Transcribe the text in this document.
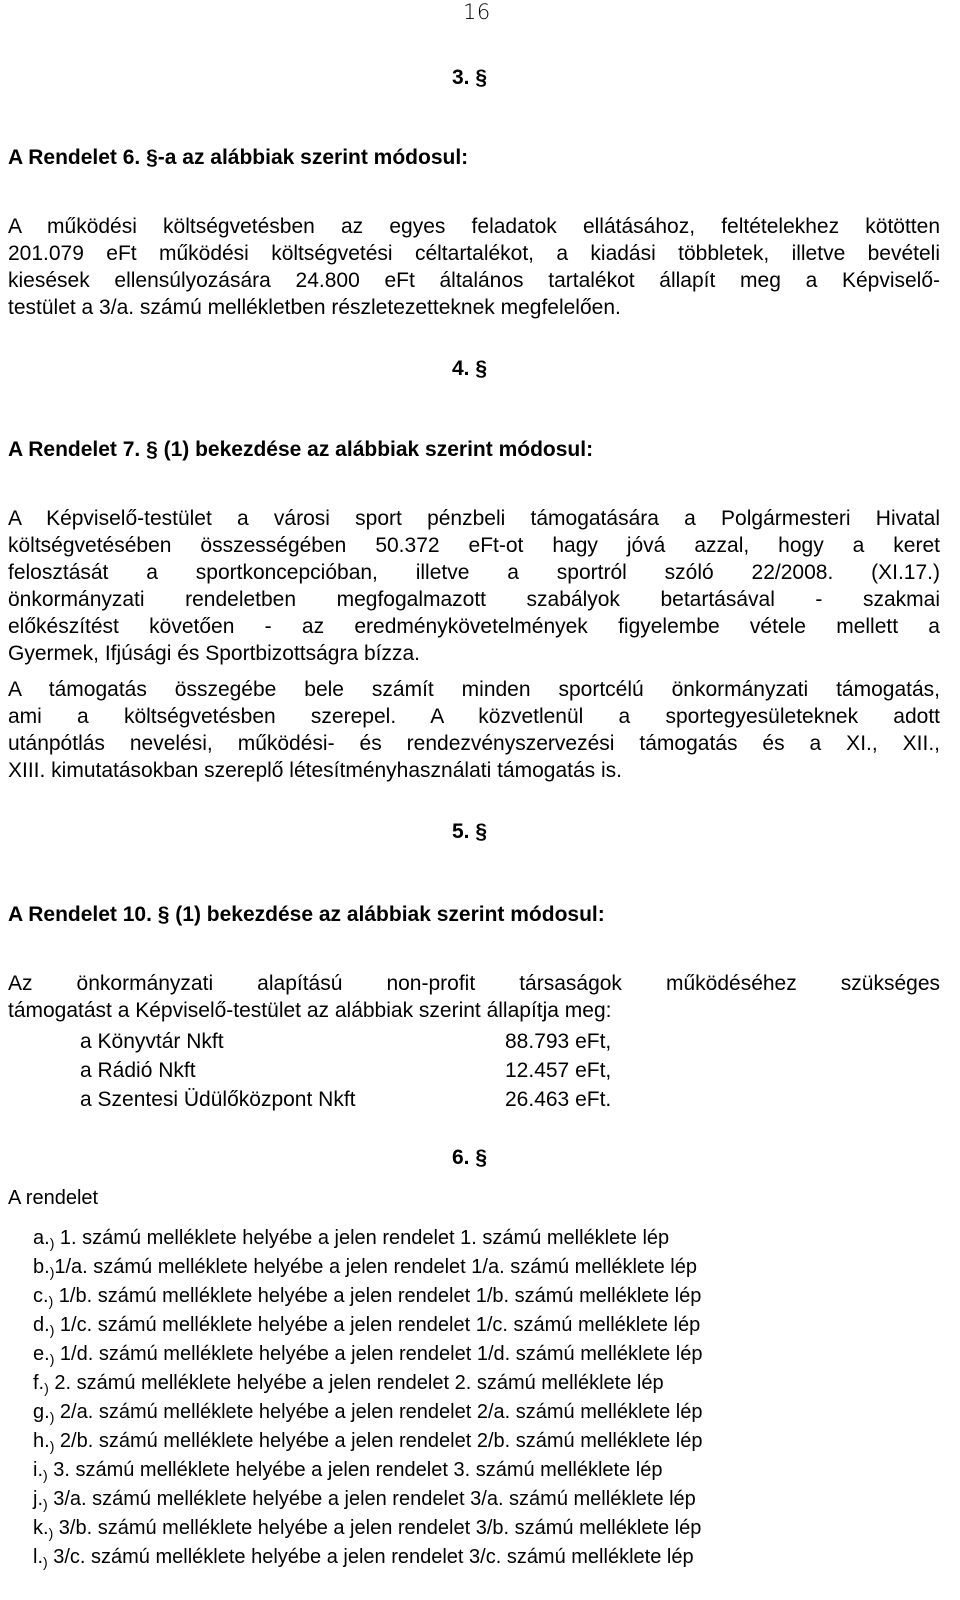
16
3. §
A Rendelet 6. §-a az alábbiak szerint módosul:
A működési költségvetésben az egyes feladatok ellátásához, feltételekhez kötötten
201.079 eFt működési költségvetési céltartalékot, a kiadási többletek, illetve bevételi
kiesések ellensúlyozására 24.800 eFt általános tartalékot állapít meg a Képviselő-
testület a 3/a. számú mellékletben részletezetteknek megfelelően.
4. §
A Rendelet 7. § (1) bekezdése az alábbiak szerint módosul:
A Képviselő-testület a városi sport pénzbeli támogatására a Polgármesteri Hivatal
költségvetésében összességében 50.372 eFt-ot hagy jóvá azzal, hogy a keret
felosztását a sportkoncepcióban, illetve a sportról szóló 22/2008. (XI.17.)
önkormányzati rendeletben megfogalmazott szabályok betartásával - szakmai
előkészítést követően - az eredménykövetelmények figyelembe vétele mellett a
Gyermek, Ifjúsági és Sportbizottságra bízza.
A támogatás összegébe bele számít minden sportcélú önkormányzati támogatás,
ami a költségvetésben szerepel. A közvetlenül a sportegyesületeknek adott
utánpótlás nevelési, működési- és rendezvényszervezési támogatás és a XI., XII.,
XIII. kimutatásokban szereplő létesítményhasználati támogatás is.
5. §
A Rendelet 10. § (1) bekezdése az alábbiak szerint módosul:
Az önkormányzati alapítású non-profit társaságok működéséhez szükséges
támogatást a Képviselő-testület az alábbiak szerint állapítja meg:
a Könyvtár Nkft	88.793 eFt,
a Rádió Nkft	12.457 eFt,
a Szentesi Üdülőközpont Nkft	26.463 eFt.
6. §
A rendelet
$a._)$ 1. számú melléklete helyébe a jelen rendelet 1. számú melléklete lép
$b._)1/a$. számú melléklete helyébe a jelen rendelet 1/a. számú melléklete lép
$c._)$ 1/b. számú melléklete helyébe a jelen rendelet 1/b. számú melléklete lép
$d._)$ 1/c. számú melléklete helyébe a jelen rendelet 1/c. számú melléklete lép
$e._)$ 1/d. számú melléklete helyébe a jelen rendelet 1/d. számú melléklete lép
$f._)$ 2. számú melléklete helyébe a jelen rendelet 2. számú melléklete lép
$g._)$ 2/a. számú melléklete helyébe a jelen rendelet 2/a. számú melléklete lép
$h._)$ 2/b. számú melléklete helyébe a jelen rendelet 2/b. számú melléklete lép
$i._)$ 3. számú melléklete helyébe a jelen rendelet 3. számú melléklete lép
$j._)$ 3/a. számú melléklete helyébe a jelen rendelet 3/a. számú melléklete lép
$k._)$ 3/b. számú melléklete helyébe a jelen rendelet 3/b. számú melléklete lép
$l._)$ 3/c. számú melléklete helyébe a jelen rendelet 3/c. számú melléklete lép
